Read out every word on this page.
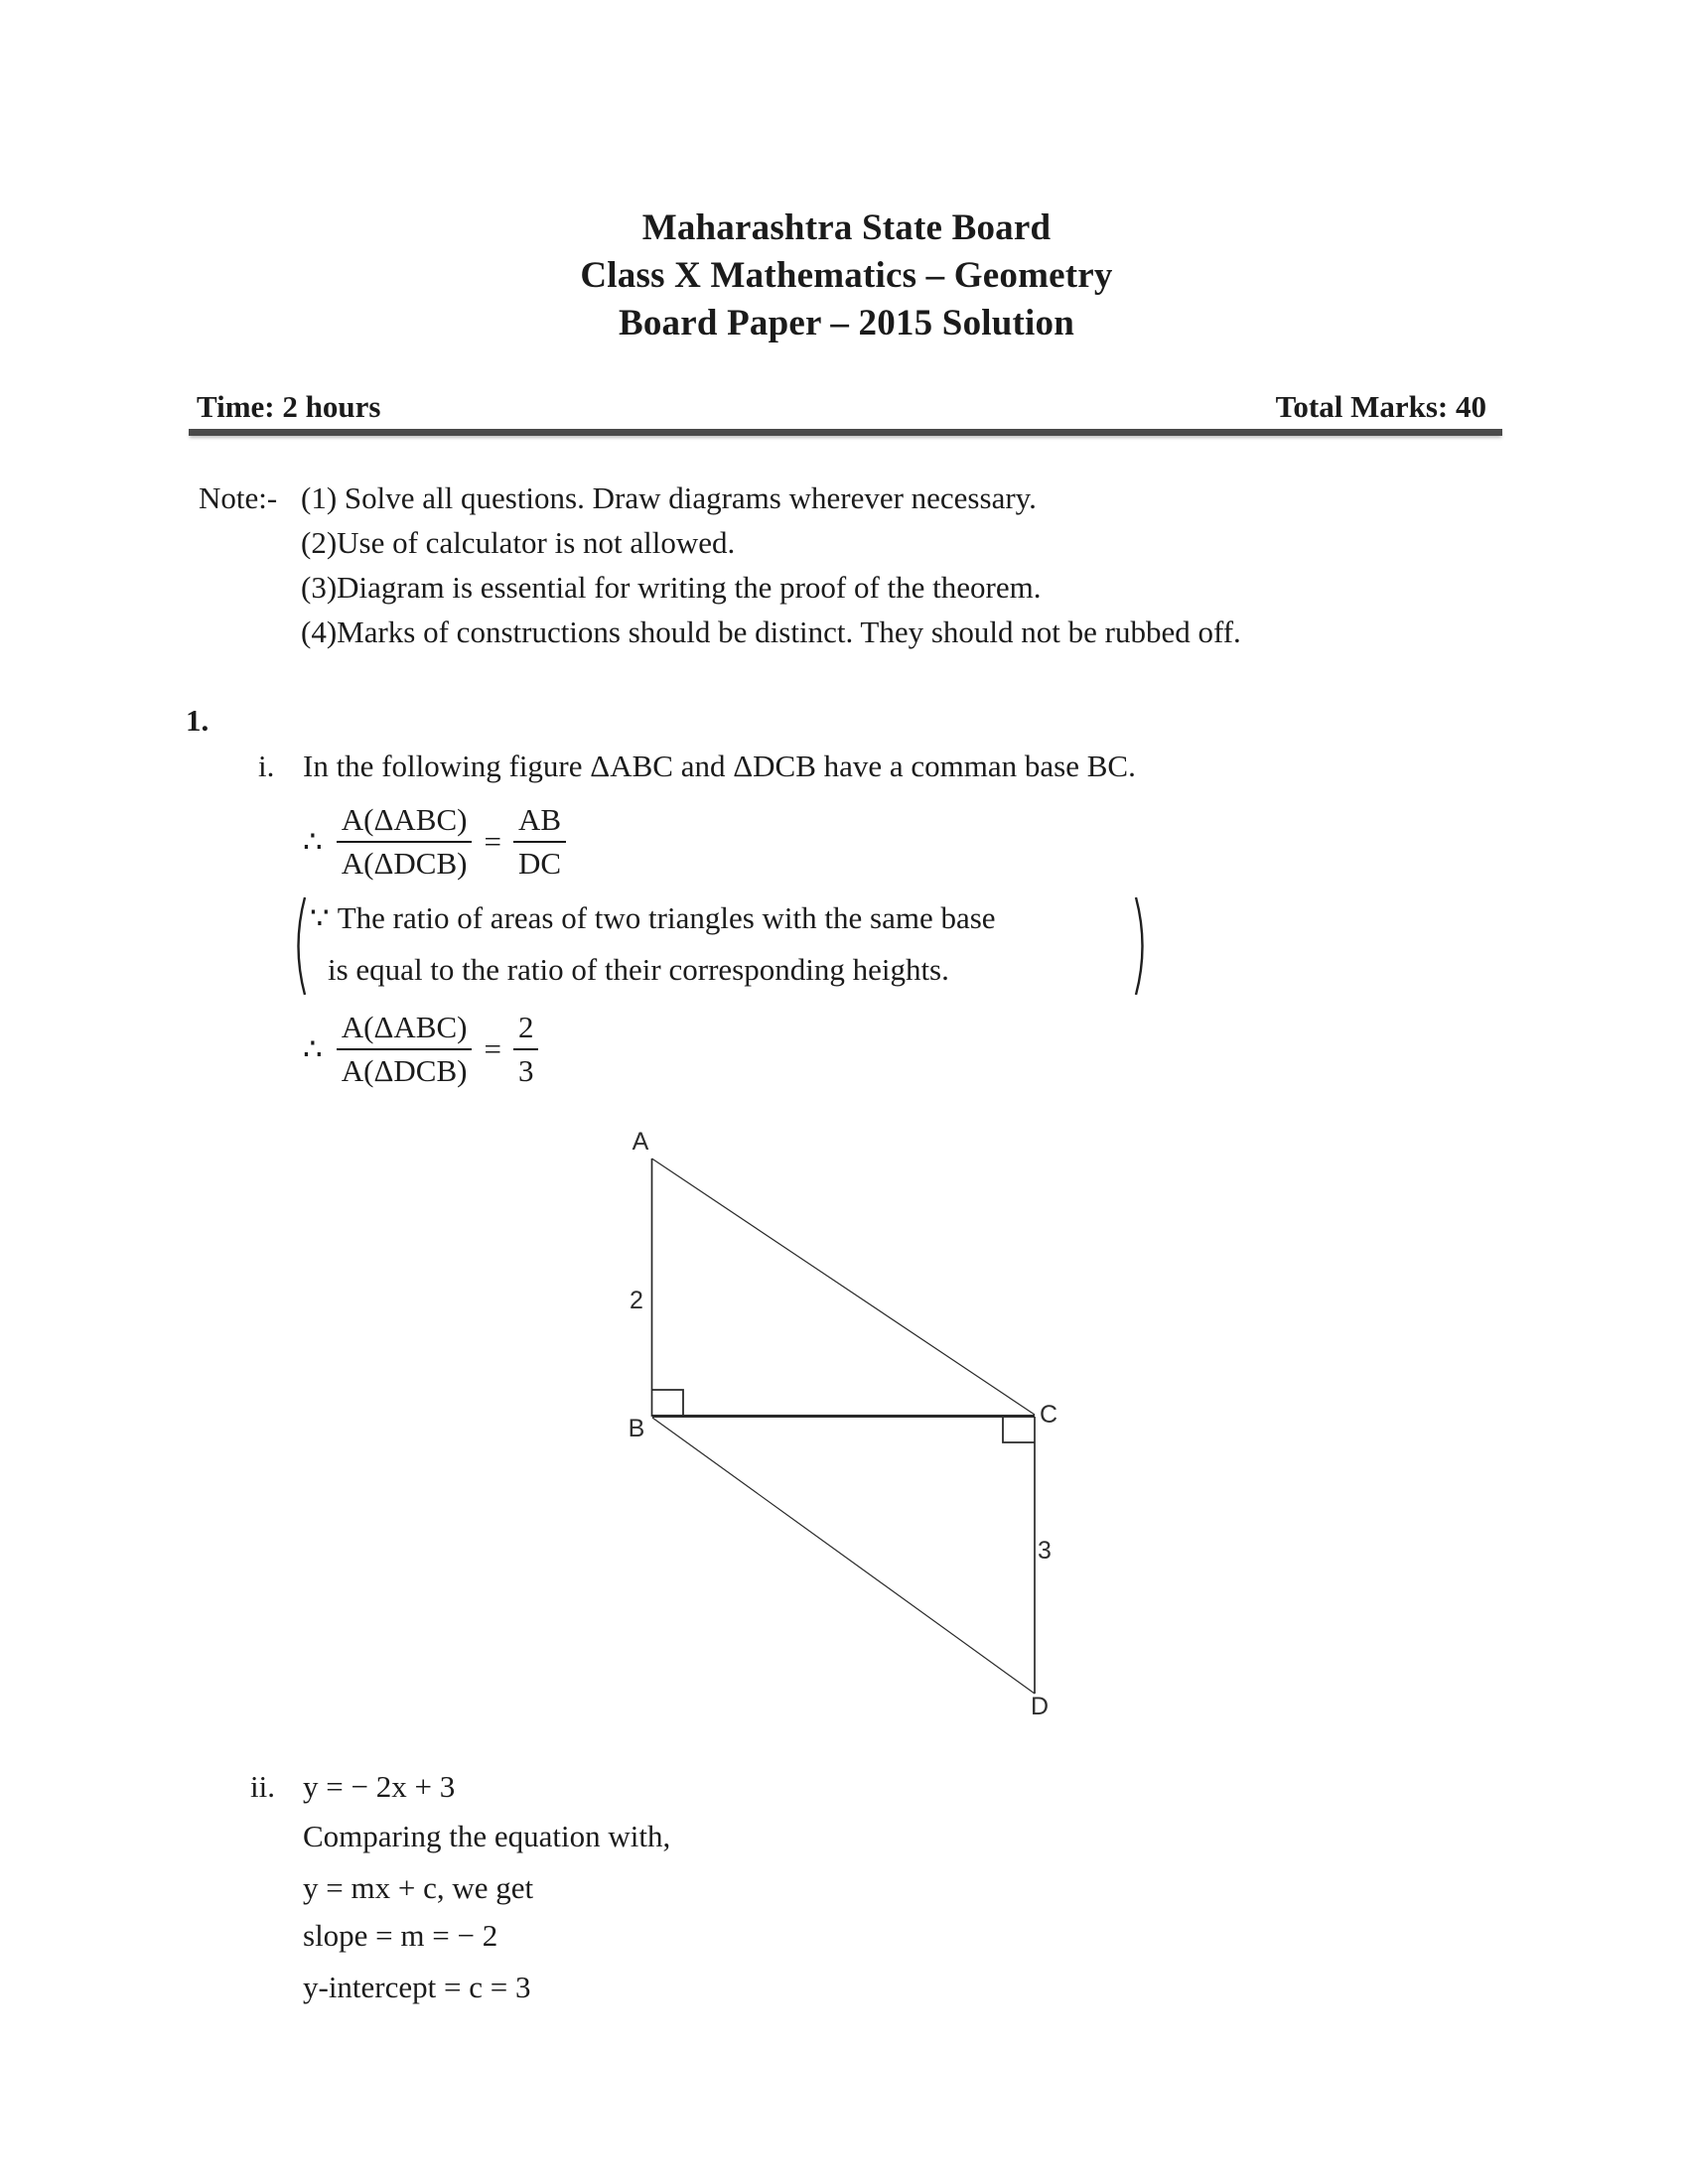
Maharashtra State Board
Class X Mathematics – Geometry
Board Paper – 2015 Solution
Time: 2 hours	Total Marks: 40
Note:- (1) Solve all questions. Draw diagrams wherever necessary.
(2)Use of calculator is not allowed.
(3)Diagram is essential for writing the proof of the theorem.
(4)Marks of constructions should be distinct. They should not be rubbed off.
1.
i. In the following figure ΔABC and ΔDCB have a comman base BC.
∴ $\frac{\text{A(ΔABC)}}{\text{A(ΔDCB)}} = \frac{AB}{DC}$
∵ The ratio of areas of two triangles with the same base
is equal to the ratio of their corresponding heights.
∴ $\frac{\text{A(ΔABC)}}{\text{A(ΔDCB)}} = \frac{2}{3}$
A
2
B	C
3
D
ii. y = − 2x + 3
Comparing the equation with,
y = mx + c, we get
slope = m = − 2
y-intercept = c = 3
